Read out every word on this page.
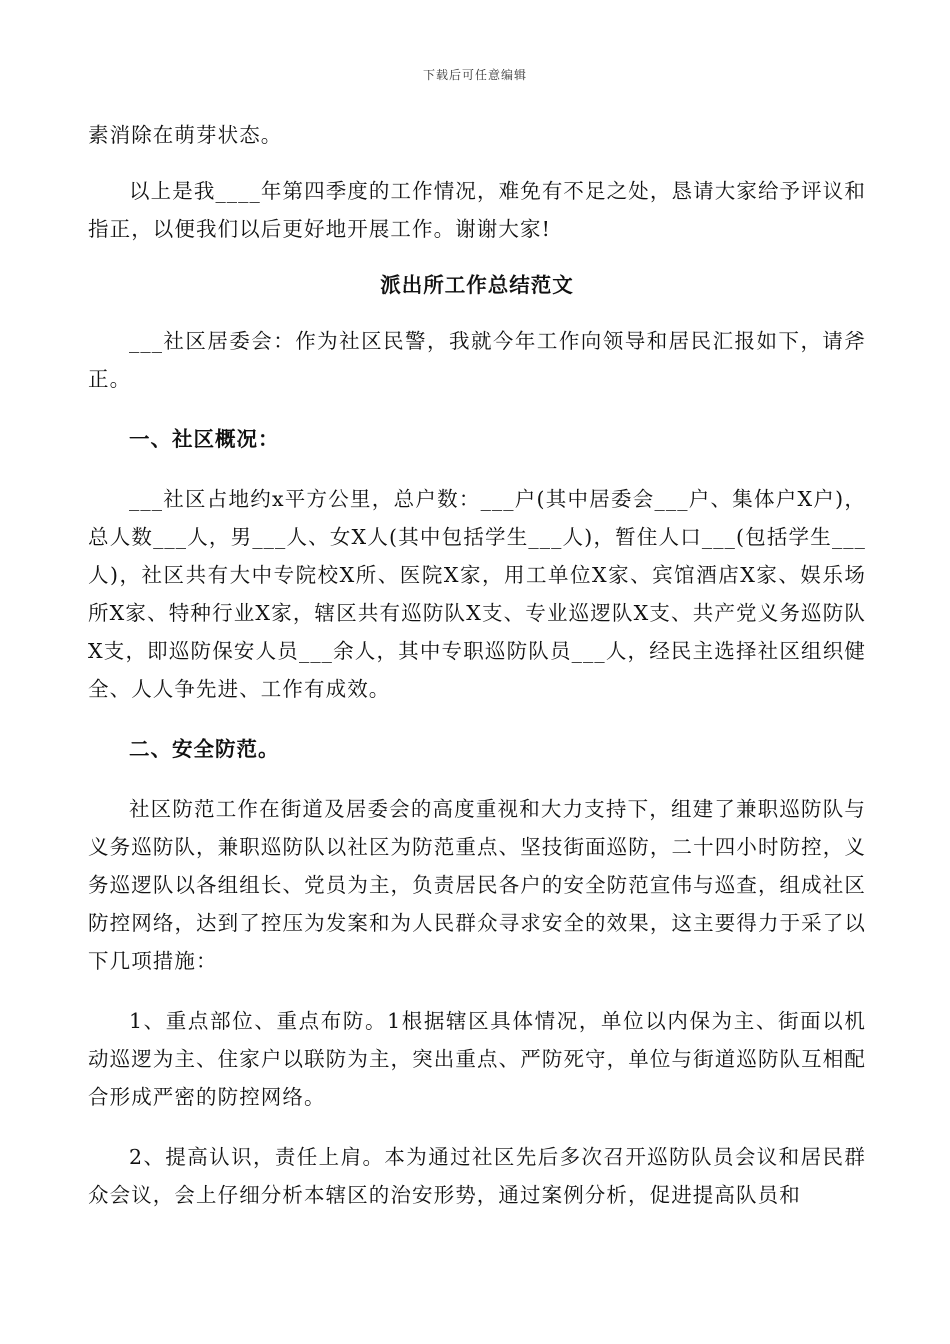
下载后可任意编辑

素消除在萌芽状态。

以上是我____年第四季度的工作情况，难免有不足之处，恳请大家给予评议和指正，以便我们以后更好地开展工作。谢谢大家!

派出所工作总结范文

___社区居委会：作为社区民警，我就今年工作向领导和居民汇报如下，请斧正。

一、社区概况：

___社区占地约x平方公里，总户数：___户(其中居委会___户、集体户X户)，总人数___人，男___人、女X人(其中包括学生___人)，暂住人口___(包括学生___人)，社区共有大中专院校X所、医院X家，用工单位X家、宾馆酒店X家、娱乐场所X家、特种行业X家，辖区共有巡防队X支、专业巡逻队X支、共产党义务巡防队X支，即巡防保安人员___余人，其中专职巡防队员___人，经民主选择社区组织健全、人人争先进、工作有成效。

二、安全防范。

社区防范工作在街道及居委会的高度重视和大力支持下，组建了兼职巡防队与义务巡防队，兼职巡防队以社区为防范重点、坚技街面巡防，二十四小时防控，义务巡逻队以各组组长、党员为主，负责居民各户的安全防范宣伟与巡查，组成社区防控网络，达到了控压为发案和为人民群众寻求安全的效果，这主要得力于采了以下几项措施：

1、重点部位、重点布防。1根据辖区具体情况，单位以内保为主、街面以机动巡逻为主、住家户以联防为主，突出重点、严防死守，单位与街道巡防队互相配合形成严密的防控网络。

2、提高认识，责任上肩。本为通过社区先后多次召开巡防队员会议和居民群众会议，会上仔细分析本辖区的治安形势，通过案例分析，促进提高队员和
